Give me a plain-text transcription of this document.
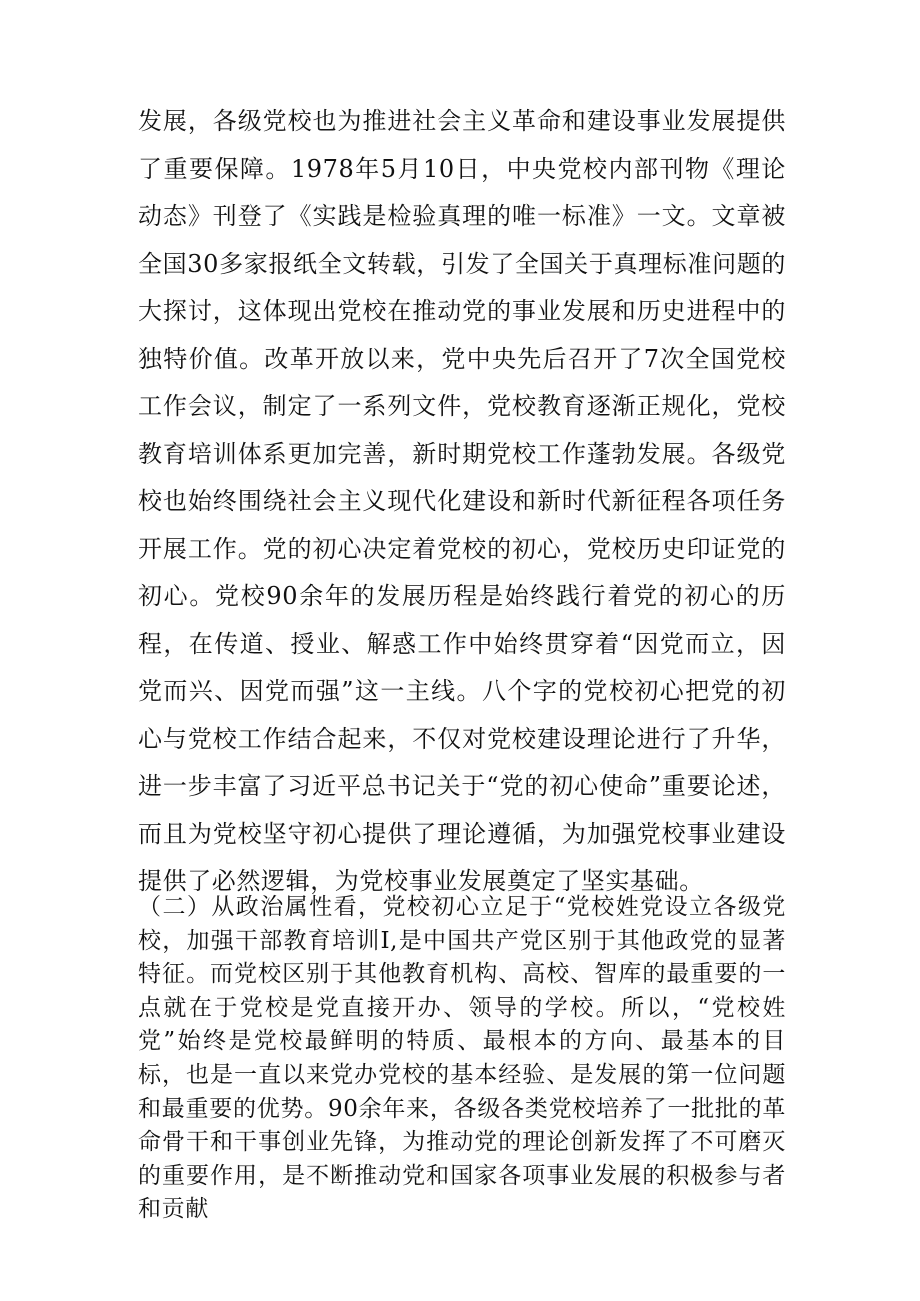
发展，各级党校也为推进社会主义革命和建设事业发展提供了重要保障。1978年5月10日，中央党校内部刊物《理论动态》刊登了《实践是检验真理的唯一标准》一文。文章被全国30多家报纸全文转载，引发了全国关于真理标准问题的大探讨，这体现出党校在推动党的事业发展和历史进程中的独特价值。改革开放以来，党中央先后召开了7次全国党校工作会议，制定了一系列文件，党校教育逐渐正规化，党校教育培训体系更加完善，新时期党校工作蓬勃发展。各级党校也始终围绕社会主义现代化建设和新时代新征程各项任务开展工作。党的初心决定着党校的初心，党校历史印证党的初心。党校90余年的发展历程是始终践行着党的初心的历程，在传道、授业、解惑工作中始终贯穿着“因党而立，因党而兴、因党而强”这一主线。八个字的党校初心把党的初心与党校工作结合起来，不仅对党校建设理论进行了升华，进一步丰富了习近平总书记关于“党的初心使命”重要论述，而且为党校坚守初心提供了理论遵循，为加强党校事业建设提供了必然逻辑，为党校事业发展奠定了坚实基础。

（二）从政治属性看，党校初心立足于“党校姓党设立各级党校，加强干部教育培训I,是中国共产党区别于其他政党的显著特征。而党校区别于其他教育机构、高校、智库的最重要的一点就在于党校是党直接开办、领导的学校。所以，“党校姓党”始终是党校最鲜明的特质、最根本的方向、最基本的目标，也是一直以来党办党校的基本经验、是发展的第一位问题和最重要的优势。90余年来，各级各类党校培养了一批批的革命骨干和干事创业先锋，为推动党的理论创新发挥了不可磨灭的重要作用，是不断推动党和国家各项事业发展的积极参与者和贡献
